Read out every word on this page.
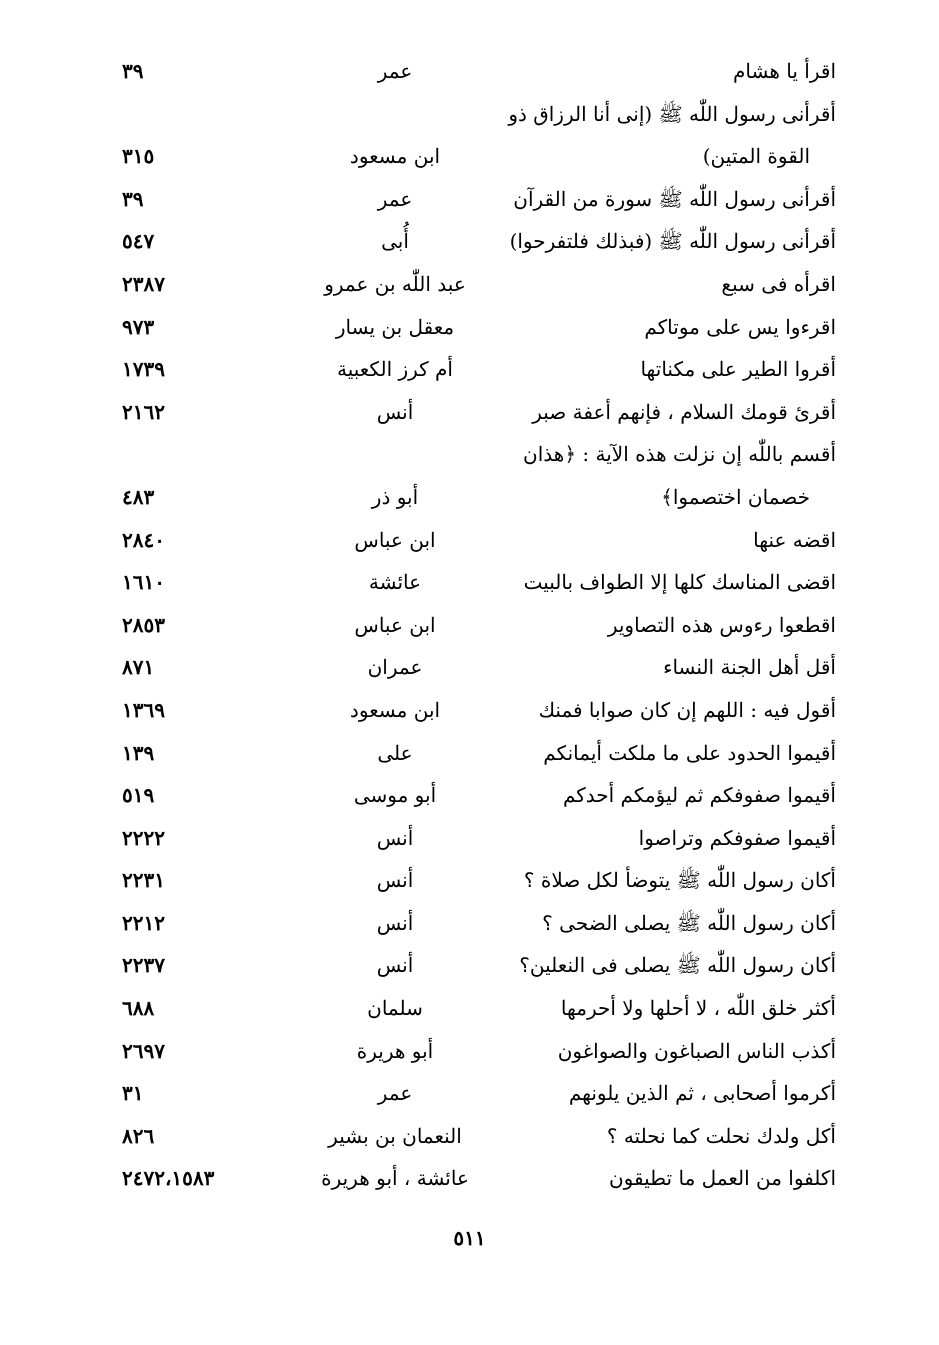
اقرأ يا هشام
عمر
٣٩
أقرأنى رسول اللّٰه ﷺ (إنى أنا الرزاق ذو
القوة المتين)
ابن مسعود
٣١٥
أقرأنى رسول اللّٰه ﷺ سورة من القرآن
عمر
٣٩
أقرأنى رسول اللّٰه ﷺ (فبذلك فلتفرحوا)
أُبى
٥٤٧
اقرأه فى سبع
عبد اللّٰه بن عمرو
٢٣٨٧
اقرءوا يس على موتاكم
معقل بن يسار
٩٧٣
أقروا الطير على مكناتها
أم كرز الكعبية
١٧٣٩
أقرئ قومك السلام ، فإنهم أعفة صبر
أنس
٢١٦٢
أقسم باللّٰه إن نزلت هذه الآية : ﴿هذان
خصمان اختصموا﴾
أبو ذر
٤٨٣
اقضه عنها
ابن عباس
٢٨٤٠
اقضى المناسك كلها إلا الطواف بالبيت
عائشة
١٦١٠
اقطعوا رءوس هذه التصاوير
ابن عباس
٢٨٥٣
أقل أهل الجنة النساء
عمران
٨٧١
أقول فيه : اللهم إن كان صوابا فمنك
ابن مسعود
١٣٦٩
أقيموا الحدود على ما ملكت أيمانكم
على
١٣٩
أقيموا صفوفكم ثم ليؤمكم أحدكم
أبو موسى
٥١٩
أقيموا صفوفكم وتراصوا
أنس
٢٢٢٢
أكان رسول اللّٰه ﷺ يتوضأ لكل صلاة ؟
أنس
٢٢٣١
أكان رسول اللّٰه ﷺ يصلى الضحى ؟
أنس
٢٢١٢
أكان رسول اللّٰه ﷺ يصلى فى النعلين؟
أنس
٢٢٣٧
أكثر خلق اللّٰه ، لا أحلها ولا أحرمها
سلمان
٦٨٨
أكذب الناس الصباغون والصواغون
أبو هريرة
٢٦٩٧
أكرموا أصحابى ، ثم الذين يلونهم
عمر
٣١
أكل ولدك نحلت كما نحلته ؟
النعمان بن بشير
٨٢٦
اكلفوا من العمل ما تطيقون
عائشة ، أبو هريرة
٢٤٧٢،١٥٨٣
٥١١
